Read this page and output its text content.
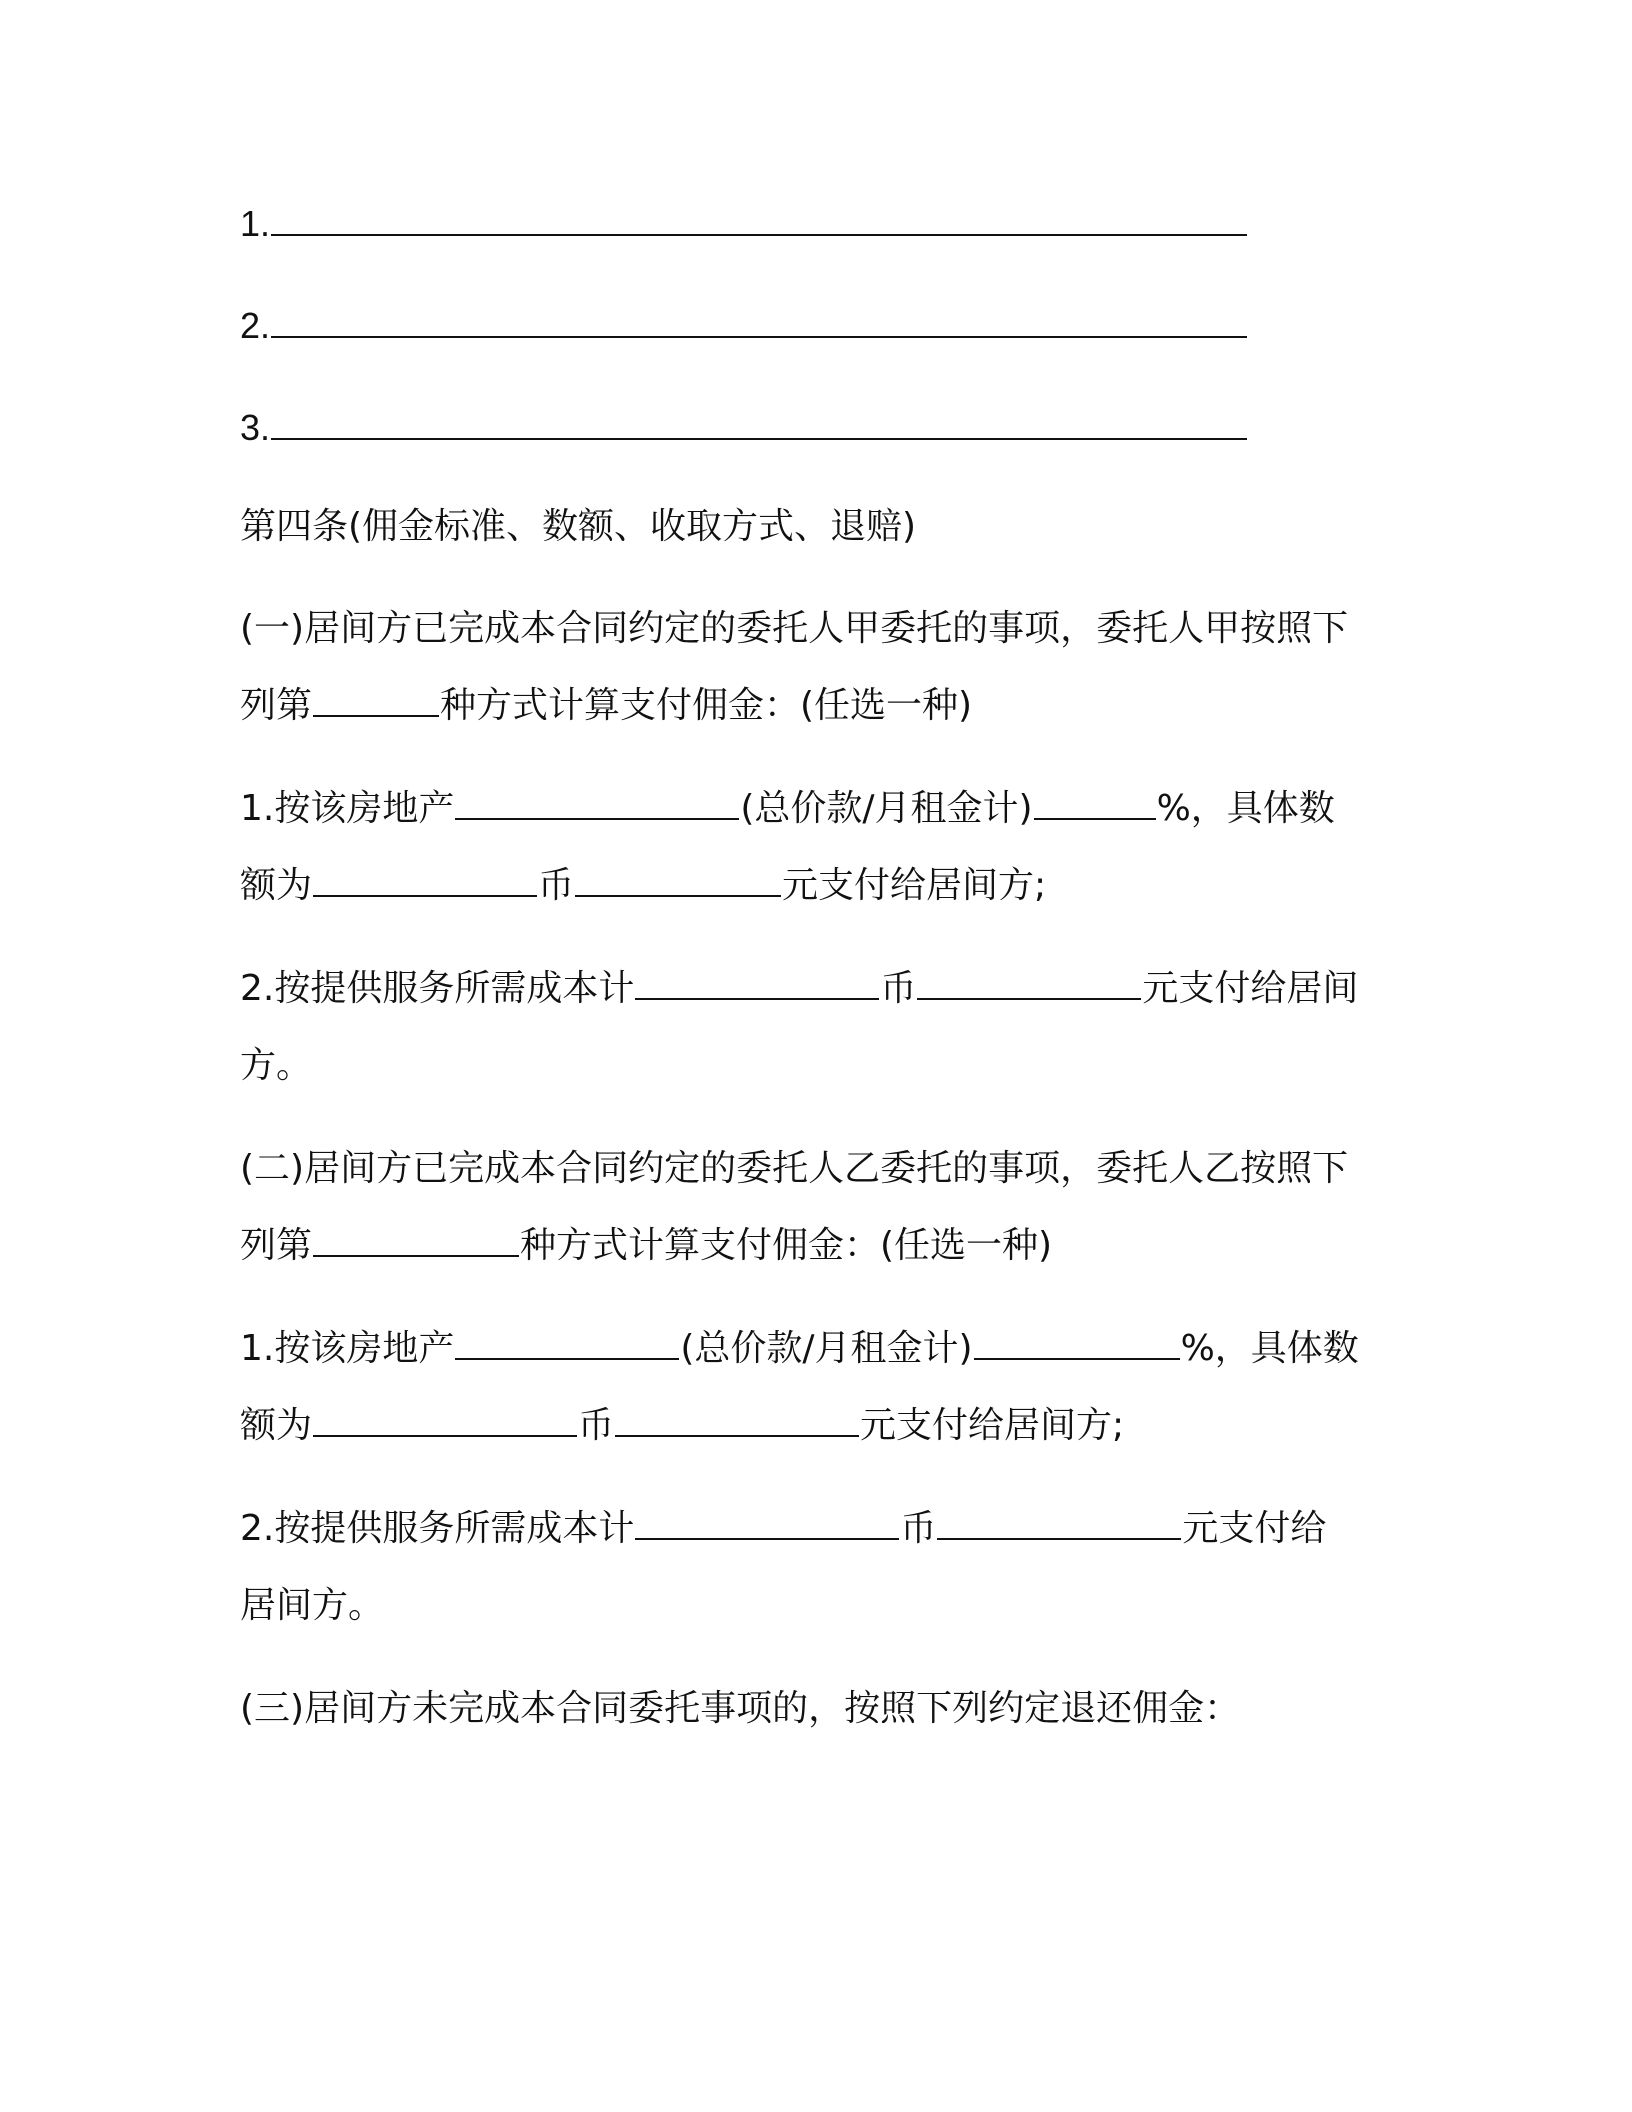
1.

2.

3.

第四条(佣金标准、数额、收取方式、退赔)

(一)居间方已完成本合同约定的委托人甲委托的事项，委托人甲按照下

列第	种方式计算支付佣金：(任选一种)

1.按该房地产	(总价款/月租金计)	%，具体数

额为	币	元支付给居间方;

2.按提供服务所需成本计	币	元支付给居间

方。

(二)居间方已完成本合同约定的委托人乙委托的事项，委托人乙按照下

列第	种方式计算支付佣金：(任选一种)

1.按该房地产	(总价款/月租金计)	%，具体数

额为	币	元支付给居间方;

2.按提供服务所需成本计	币	元支付给

居间方。

(三)居间方未完成本合同委托事项的，按照下列约定退还佣金：
